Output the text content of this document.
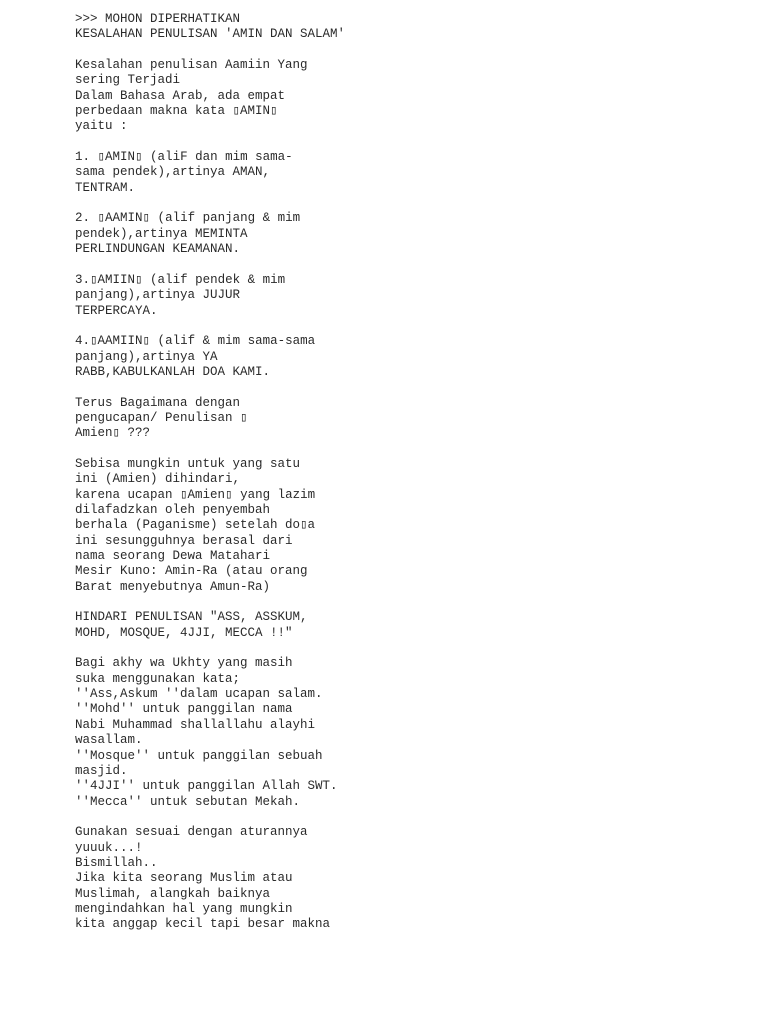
>>> MOHON DIPERHATIKAN
KESALAHAN PENULISAN 'AMIN DAN SALAM'
Kesalahan penulisan Aamiin Yang
sering Terjadi
Dalam Bahasa Arab, ada empat
perbedaan makna kata ▯AMIN▯
yaitu :
1. ▯AMIN▯ (aliF dan mim sama-
sama pendek),artinya AMAN,
TENTRAM.
2. ▯AAMIN▯ (alif panjang & mim
pendek),artinya MEMINTA
PERLINDUNGAN KEAMANAN.
3.▯AMIIN▯ (alif pendek & mim
panjang),artinya JUJUR
TERPERCAYA.
4.▯AAMIIN▯ (alif & mim sama-sama
panjang),artinya YA
RABB,KABULKANLAH DOA KAMI.
Terus Bagaimana dengan
pengucapan/ Penulisan ▯
Amien▯ ???
Sebisa mungkin untuk yang satu
ini (Amien) dihindari,
karena ucapan ▯Amien▯ yang lazim
dilafadzkan oleh penyembah
berhala (Paganisme) setelah do▯a
ini sesungguhnya berasal dari
nama seorang Dewa Matahari
Mesir Kuno: Amin-Ra (atau orang
Barat menyebutnya Amun-Ra)
HINDARI PENULISAN "ASS, ASSKUM,
MOHD, MOSQUE, 4JJI, MECCA !!"
Bagi akhy wa Ukhty yang masih
suka menggunakan kata;
''Ass,Askum ''dalam ucapan salam.
''Mohd'' untuk panggilan nama
Nabi Muhammad shallallahu alayhi
wasallam.
''Mosque'' untuk panggilan sebuah
masjid.
''4JJI'' untuk panggilan Allah SWT.
''Mecca'' untuk sebutan Mekah.
Gunakan sesuai dengan aturannya
yuuuk...!
Bismillah..
Jika kita seorang Muslim atau
Muslimah, alangkah baiknya
mengindahkan hal yang mungkin
kita anggap kecil tapi besar makna
